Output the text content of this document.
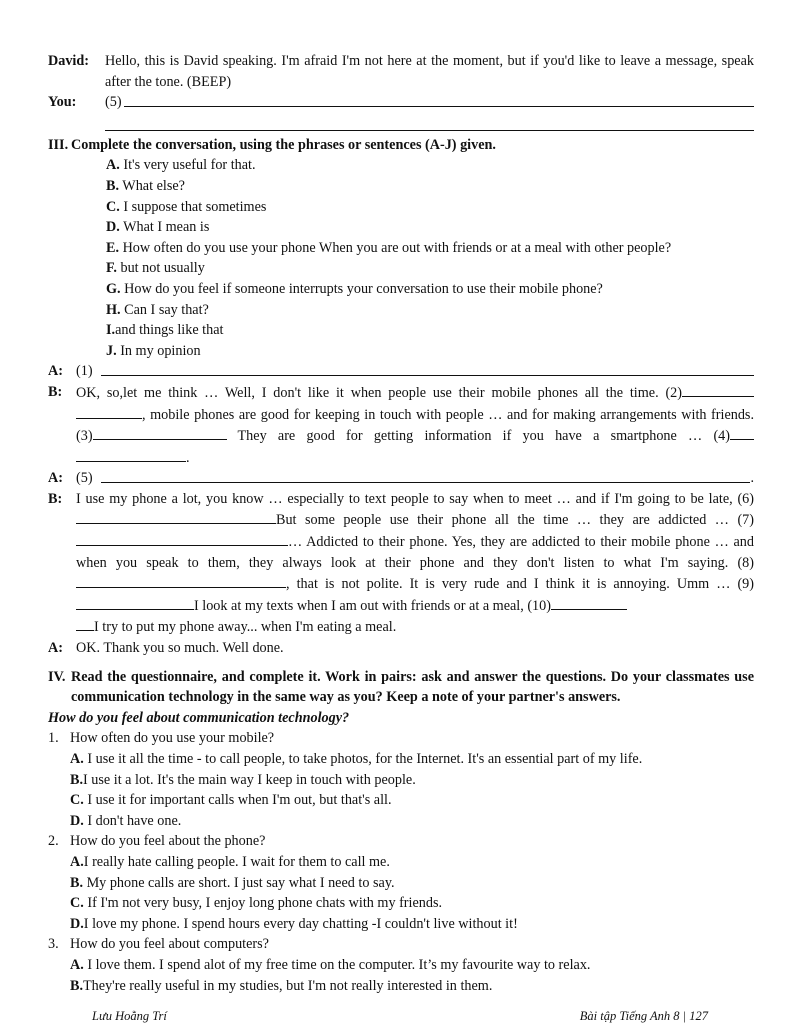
David:	Hello, this is David speaking. I'm afraid I'm not here at the moment, but if you'd like to leave a message, speak after the tone. (BEEP)
You:	(5)
III. Complete the conversation, using the phrases or sentences (A-J) given.
A. It's very useful for that.
B. What else?
C. I suppose that sometimes
D. What I mean is
E. How often do you use your phone When you are out with friends or at a meal with other people?
F. but not usually
G. How do you feel if someone interrupts your conversation to use their mobile phone?
H. Can I say that?
I.and things like that
J. In my opinion
A: (1)
B: OK, so,let me think … Well, I don't like it when people use their mobile phones all the time. (2) , mobile phones are good for keeping in touch with people … and for making arrangements with friends. (3)	They are good for getting information if you have a smartphone … (4) .
A: (5)	.
B: I use my phone a lot, you know … especially to text people to say when to meet … and if I'm going to be late, (6)But some people use their phone all the time … they are addicted … (7)… Addicted to their phone. Yes, they are addicted to their mobile phone … and when you speak to them, they always look at their phone and they don't listen to what I'm saying. (8), that is not polite. It is very rude and I think it is annoying. Umm … (9)I look at my texts when I am out with friends or at a meal, (10)
I try to put my phone away... when I'm eating a meal.
A: OK. Thank you so much. Well done.
IV. Read the questionnaire, and complete it. Work in pairs: ask and answer the questions. Do your classmates use communication technology in the same way as you? Keep a note of your partner's answers.
How do you feel about communication technology?
1. How often do you use your mobile?
A. I use it all the time - to call people, to take photos, for the Internet. It's an essential part of my life.
B.I use it a lot. It's the main way I keep in touch with people.
C. I use it for important calls when I'm out, but that's all.
D. I don't have one.
2. How do you feel about the phone?
A.I really hate calling people. I wait for them to call me.
B. My phone calls are short. I just say what I need to say.
C. If I'm not very busy, I enjoy long phone chats with my friends.
D.I love my phone. I spend hours every day chatting -I couldn't live without it!
3. How do you feel about computers?
A. I love them. I spend alot of my free time on the computer. It’s my favourite way to relax.
B.They're really useful in my studies, but I'm not really interested in them.
Lưu Hoằng Trí	Bài tập Tiếng Anh 8 | 127
